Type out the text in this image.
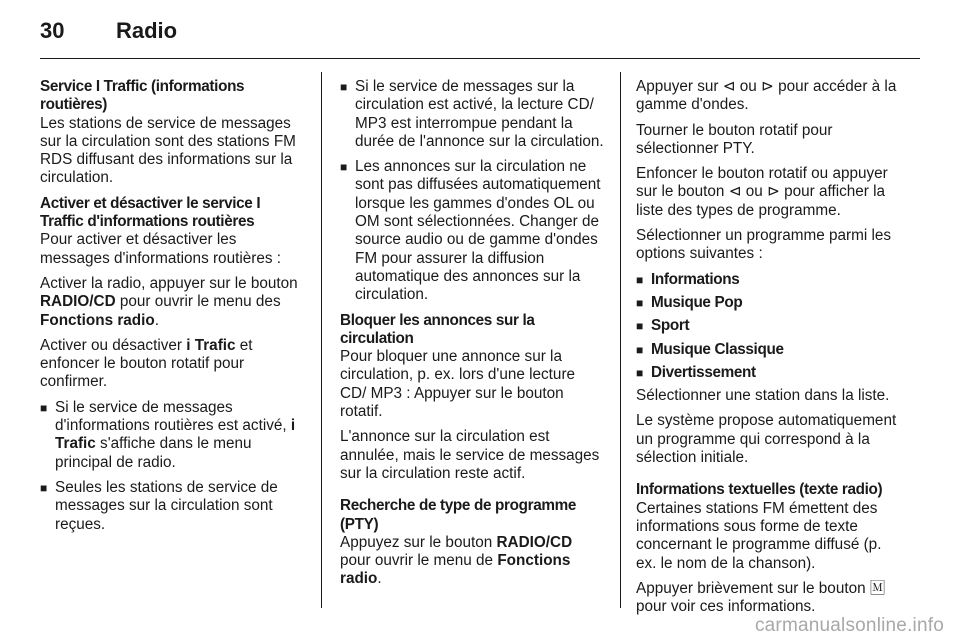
30 Radio
Service I Traffic (informations routières)

Les stations de service de messages sur la circulation sont des stations FM RDS diffusant des informations sur la circulation.

Activer et désactiver le service I Traffic d'informations routières

Pour activer et désactiver les messages d'informations routières :

Activer la radio, appuyer sur le bouton RADIO/CD pour ouvrir le menu des Fonctions radio.

Activer ou désactiver i Trafic et enfoncer le bouton rotatif pour confirmer.

■ Si le service de messages d'informations routières est activé, i Trafic s'affiche dans le menu principal de radio.
■ Seules les stations de service de messages sur la circulation sont reçues.
■ Si le service de messages sur la circulation est activé, la lecture CD/ MP3 est interrompue pendant la durée de l'annonce sur la circulation.
■ Les annonces sur la circulation ne sont pas diffusées automatiquement lorsque les gammes d'ondes OL ou OM sont sélectionnées. Changer de source audio ou de gamme d'ondes FM pour assurer la diffusion automatique des annonces sur la circulation.
Bloquer les annonces sur la circulation

Pour bloquer une annonce sur la circulation, p. ex. lors d'une lecture CD/ MP3 : Appuyer sur le bouton rotatif.

L'annonce sur la circulation est annulée, mais le service de messages sur la circulation reste actif.

Recherche de type de programme (PTY)

Appuyez sur le bouton RADIO/CD pour ouvrir le menu de Fonctions radio.

Appuyer sur ⊲ ou ⊳ pour accéder à la gamme d'ondes.

Tourner le bouton rotatif pour sélectionner PTY.

Enfoncer le bouton rotatif ou appuyer sur le bouton ⊲ ou ⊳ pour afficher la liste des types de programme.

Sélectionner un programme parmi les options suivantes :

■ Informations
■ Musique Pop
■ Sport
■ Musique Classique
■ Divertissement

Sélectionner une station dans la liste.

Le système propose automatiquement un programme qui correspond à la sélection initiale.

Informations textuelles (texte radio)

Certaines stations FM émettent des informations sous forme de texte concernant le programme diffusé (p. ex. le nom de la chanson).

Appuyer brièvement sur le bouton 🄼 pour voir ces informations.

carmanualsonline.info
